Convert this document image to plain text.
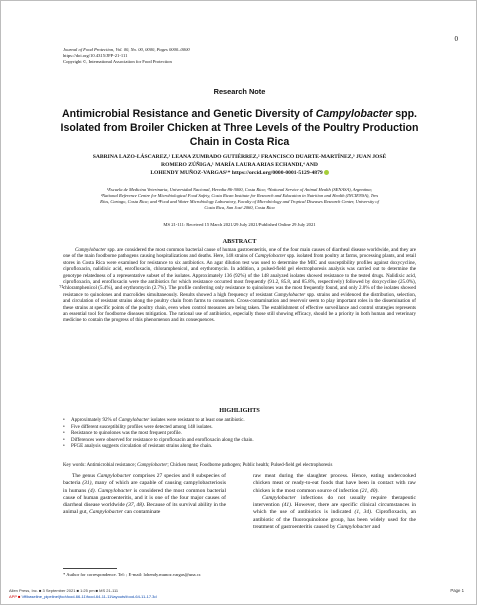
0
Journal of Food Protection, Vol. 00, No. 00, 0000, Pages 0000–0000
https://doi.org/10.4315/JFP-21-111
Copyright ©, International Association for Food Protection
Research Note
Antimicrobial Resistance and Genetic Diversity of Campylobacter spp. Isolated from Broiler Chicken at Three Levels of the Poultry Production Chain in Costa Rica
SABRINA LAZO-LÁSCAREZ,¹ LEANA ZUMBADO GUTIÉRREZ,² FRANCISCO DUARTE-MARTÍNEZ,³ JUAN JOSÉ
ROMERO ZÚÑIGA,¹ MARÍA LAURA ARIAS ECHANDI,⁴ AND
LOHENDY MUÑOZ-VARGAS¹* https://orcid.org/0000-0001-5129-4879
¹Escuela de Medicina Veterinaria, Universidad Nacional, Heredia 86-3000, Costa Rica; ²National Service of Animal Health (SENASA), Argentina;
³National Reference Centre for Microbiological Food Safety, Costa Rican Institute for Research and Education in Nutrition and Health (INCIENSA), Tres
Ríos, Cartago, Costa Rica; and ⁴Food and Water Microbiology Laboratory, Faculty of Microbiology and Tropical Diseases Research Center, University of
Costa Rica, San José 2060, Costa Rica
MS 21-111: Received 15 March 2021/29 July 2021/Published Online 29 July 2021
ABSTRACT
?1
Campylobacter spp. are considered the most common bacterial cause of human gastroenteritis, one of the four main causes of diarrheal disease worldwide, and they are one of the main foodborne pathogens causing hospitalizations and deaths. Here, 148 strains of Campylobacter spp. isolated from poultry at farms, processing plants, and retail stores in Costa Rica were examined for resistance to six antibiotics. An agar dilution test was used to determine the MIC and susceptibility profiles against doxycycline, ciprofloxacin, nalidixic acid, enrofloxacin, chloramphenicol, and erythromycin. In addition, a pulsed-field gel electrophoresis analysis was carried out to determine the genotype relatedness of a representative subset of the isolates. Approximately 136 (92%) of the 148 analyzed isolates showed resistance to the tested drugs. Nalidixic acid, ciprofloxacin, and enrofloxacin were the antibiotics for which resistance occurred most frequently (91.2, 85.8, and 85.8%, respectively) followed by doxycycline (25.0%), chloramphenicol (5.4%), and erythromycin (2.7%). The profile conferring only resistance to quinolones was the most frequently found, and only 2.0% of the isolates showed resistance to quinolones and macrolides simultaneously. Results showed a high frequency of resistant Campylobacter spp. strains and evidenced the distribution, selection, and circulation of resistant strains along the poultry chain from farms to consumers. Cross-contamination and reservoir seem to play important roles in the dissemination of these strains at specific points of the poultry chain, even when control measures are being taken. The establishment of effective surveillance and control strategies represents an essential tool for foodborne diseases mitigation. The rational use of antibiotics, especially those still showing efficacy, should be a priority in both human and veterinary medicine to contain the progress of this phenomenon and its consequences.
HIGHLIGHTS
• Approximately 92% of Campylobacter isolates were resistant to at least one antibiotic.
• Five different susceptibility profiles were detected among 148 isolates.
• Resistance to quinolones was the most frequent profile.
• Differences were observed for resistance to ciprofloxacin and enrofloxacin along the chain.
• PFGE analysis suggests circulation of resistant strains along the chain.
Key words: Antimicrobial resistance; Campylobacter; Chicken meat; Foodborne pathogen; Public health; Pulsed-field gel electrophoresis

The genus Campylobacter comprises 27 species and 8 subspecies of bacteria (31), many of which are capable of causing campylobacteriosis in humans (4). Campylobacter is considered the most common bacterial cause of human gastroenteritis, and it is one of the four major causes of diarrheal disease worldwide (37, 48). Because of its survival ability in the animal gut, Campylobacter can contaminate

* Author for correspondence. Tel: ; E-mail: lohendy.munoz.vargas@una.cr.

raw meat during the slaughter process. Hence, eating undercooked chicken meat or ready-to-eat foods that have been in contact with raw chicken is the most common source of infection (21, 40).

Campylobacter infections do not usually require therapeutic intervention (41). However, there are specific clinical circumstances in which the use of antibiotics is indicated (1, 34). Ciprofloxacin, an antibiotic of the fluoroquinolone group, has been widely used for the treatment of gastroenteritis caused by Campylobacter and

Allen Press, Inc. ■ 3 September 2021 ■ 1:25 pm ■ MS 21-111
APP ■ \\ff\baseline_pipeline\jfoo\food-66-11\food-64-11-11\layouts\food-64-11-17.3d
Page 1
